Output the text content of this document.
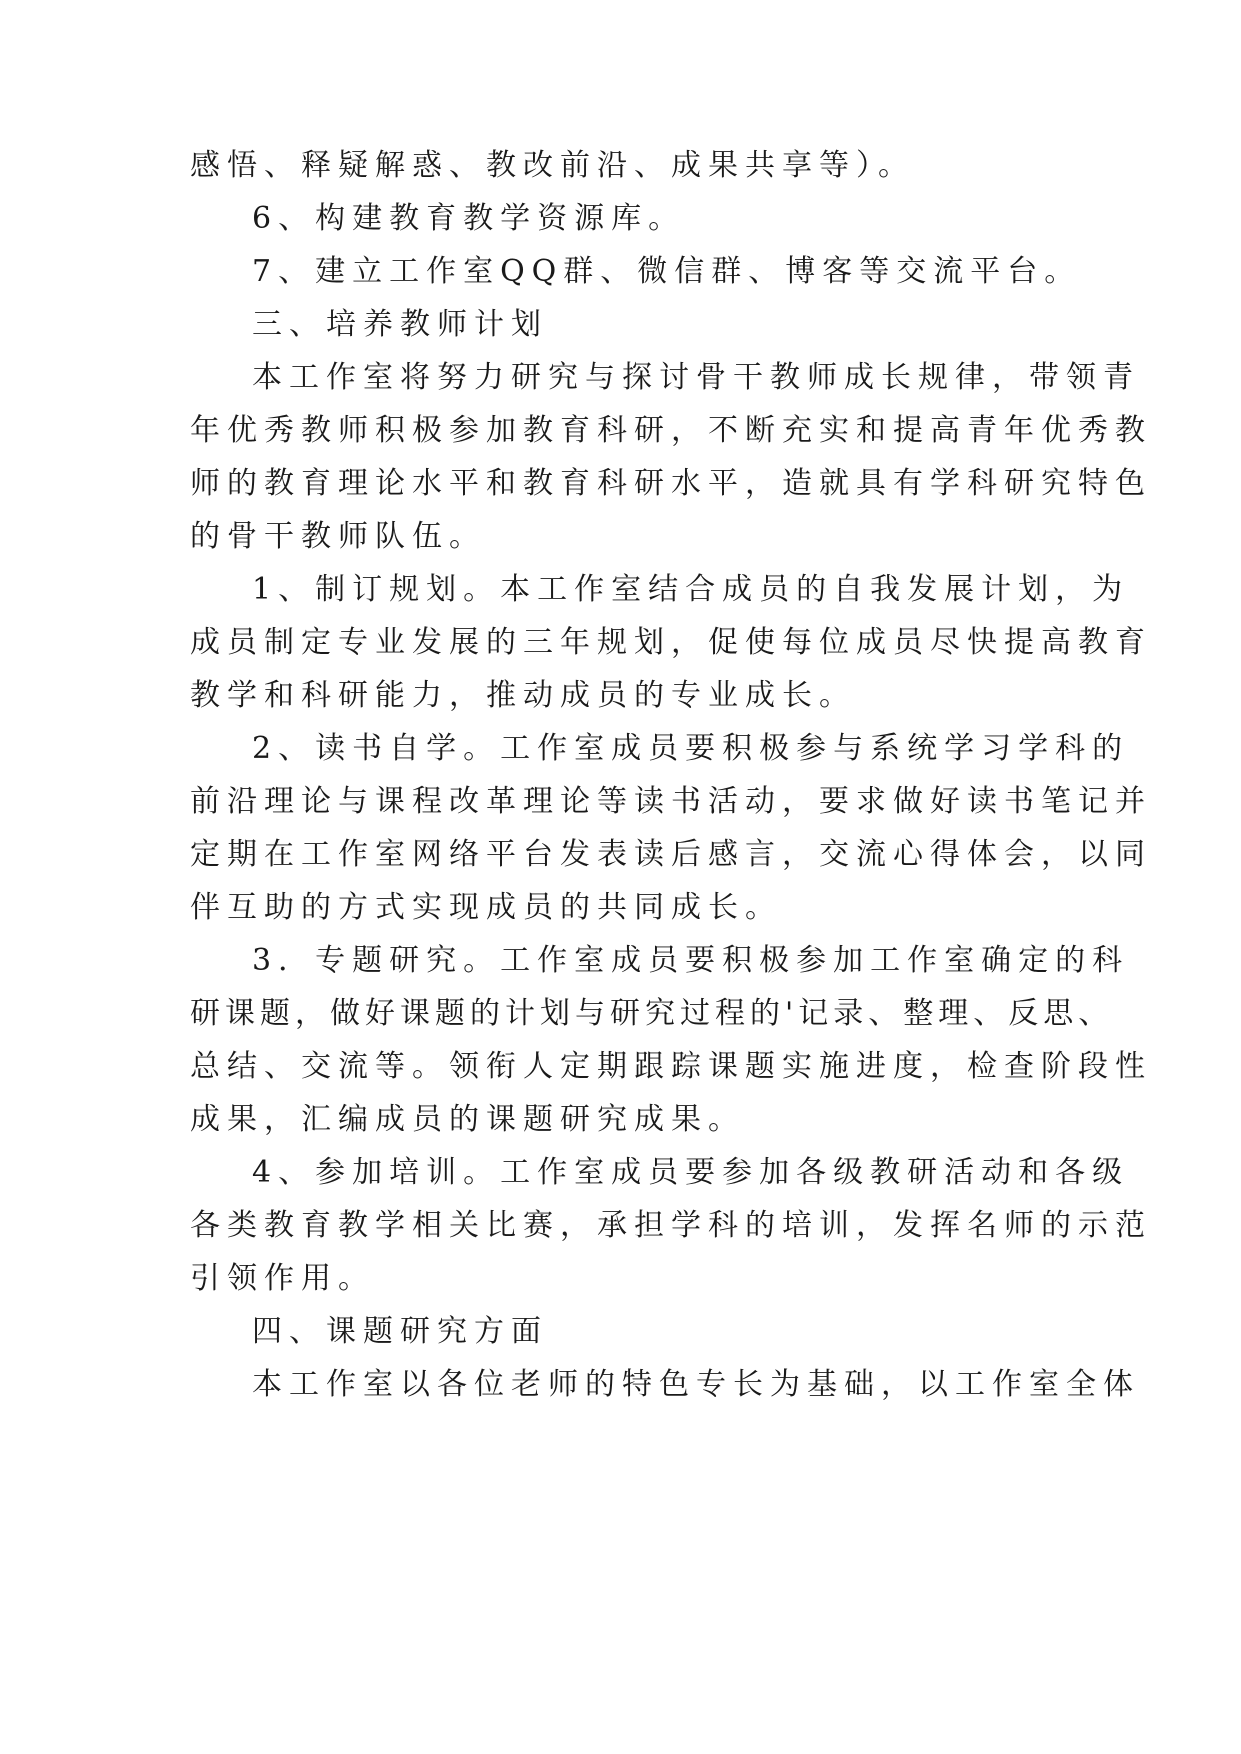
感悟、释疑解惑、教改前沿、成果共享等）。

6、构建教育教学资源库。

7、建立工作室QQ群、微信群、博客等交流平台。

三、培养教师计划

本工作室将努力研究与探讨骨干教师成长规律，带领青

年优秀教师积极参加教育科研，不断充实和提高青年优秀教

师的教育理论水平和教育科研水平，造就具有学科研究特色

的骨干教师队伍。

1、制订规划。本工作室结合成员的自我发展计划，为

成员制定专业发展的三年规划，促使每位成员尽快提高教育

教学和科研能力，推动成员的专业成长。

2、读书自学。工作室成员要积极参与系统学习学科的

前沿理论与课程改革理论等读书活动，要求做好读书笔记并

定期在工作室网络平台发表读后感言，交流心得体会，以同

伴互助的方式实现成员的共同成长。

3．专题研究。工作室成员要积极参加工作室确定的科

研课题，做好课题的计划与研究过程的'记录、整理、反思、

总结、交流等。领衔人定期跟踪课题实施进度，检查阶段性

成果，汇编成员的课题研究成果。

4、参加培训。工作室成员要参加各级教研活动和各级

各类教育教学相关比赛，承担学科的培训，发挥名师的示范

引领作用。

四、课题研究方面

本工作室以各位老师的特色专长为基础，以工作室全体
